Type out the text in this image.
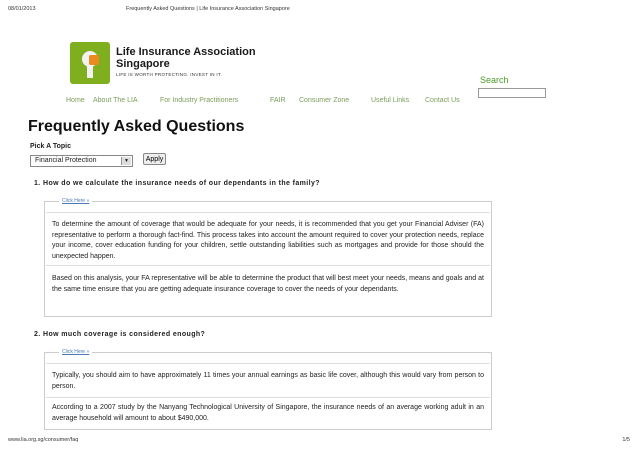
08/01/2013	Frequently Asked Questions | Life Insurance Association Singapore
Life Insurance Association
Singapore
LIFE IS WORTH PROTECTING. INVEST IN IT.
Search
Home About The LIA	For Industry Practitioners	FAIR Consumer Zone	Useful Links Contact Us
Frequently Asked Questions
Pick A Topic
Financial Protection	▼	Apply
1. How do we calculate the insurance needs of our dependants in the family?
Click Here »
To determine the amount of coverage that would be adequate for your needs, it is recommended that you get your Financial Adviser (FA) representative to perform a thorough fact-find. This process takes into account the amount required to cover your protection needs, replace your income, cover education funding for your children, settle outstanding liabilities such as mortgages and provide for those should the unexpected happen.
Based on this analysis, your FA representative will be able to determine the product that will best meet your needs, means and goals and at the same time ensure that you are getting adequate insurance coverage to cover the needs of your dependants.
2. How much coverage is considered enough?
Click Here »
Typically, you should aim to have approximately 11 times your annual earnings as basic life cover, although this would vary from person to person.
According to a 2007 study by the Nanyang Technological University of Singapore, the insurance needs of an average working adult in an average household will amount to about $490,000.
www.lia.org.sg/consumer/faq	1/5
